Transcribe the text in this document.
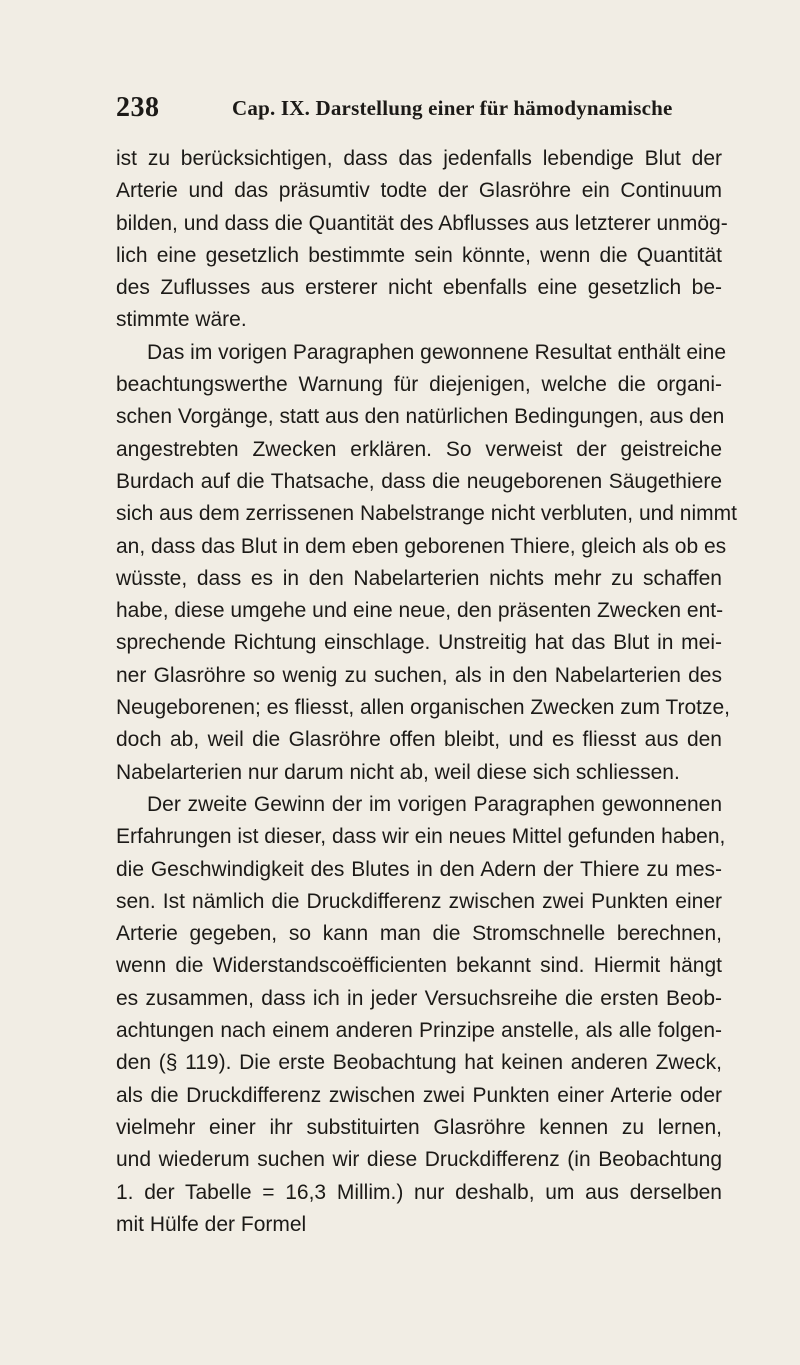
238	Cap. IX. Darstellung einer für hämodynamische
ist zu berücksichtigen, dass das jedenfalls lebendige Blut der
Arterie und das präsumtiv todte der Glasröhre ein Continuum
bilden, und dass die Quantität des Abflusses aus letzterer unmög-
lich eine gesetzlich bestimmte sein könnte, wenn die Quantität
des Zuflusses aus ersterer nicht ebenfalls eine gesetzlich be-
stimmte wäre.
Das im vorigen Paragraphen gewonnene Resultat enthält eine
beachtungswerthe Warnung für diejenigen, welche die organi-
schen Vorgänge, statt aus den natürlichen Bedingungen, aus den
angestrebten Zwecken erklären. So verweist der geistreiche
Burdach auf die Thatsache, dass die neugeborenen Säugethiere
sich aus dem zerrissenen Nabelstrange nicht verbluten, und nimmt
an, dass das Blut in dem eben geborenen Thiere, gleich als ob es
wüsste, dass es in den Nabelarterien nichts mehr zu schaffen
habe, diese umgehe und eine neue, den präsenten Zwecken ent-
sprechende Richtung einschlage. Unstreitig hat das Blut in mei-
ner Glasröhre so wenig zu suchen, als in den Nabelarterien des
Neugeborenen; es fliesst, allen organischen Zwecken zum Trotze,
doch ab, weil die Glasröhre offen bleibt, und es fliesst aus den
Nabelarterien nur darum nicht ab, weil diese sich schliessen.
Der zweite Gewinn der im vorigen Paragraphen gewonnenen
Erfahrungen ist dieser, dass wir ein neues Mittel gefunden haben,
die Geschwindigkeit des Blutes in den Adern der Thiere zu mes-
sen. Ist nämlich die Druckdifferenz zwischen zwei Punkten einer
Arterie gegeben, so kann man die Stromschnelle berechnen,
wenn die Widerstandscoëfficienten bekannt sind. Hiermit hängt
es zusammen, dass ich in jeder Versuchsreihe die ersten Beob-
achtungen nach einem anderen Prinzipe anstelle, als alle folgen-
den (§ 119). Die erste Beobachtung hat keinen anderen Zweck,
als die Druckdifferenz zwischen zwei Punkten einer Arterie oder
vielmehr einer ihr substituirten Glasröhre kennen zu lernen,
und wiederum suchen wir diese Druckdifferenz (in Beobachtung
1. der Tabelle = 16,3 Millim.) nur deshalb, um aus derselben
mit Hülfe der Formel
